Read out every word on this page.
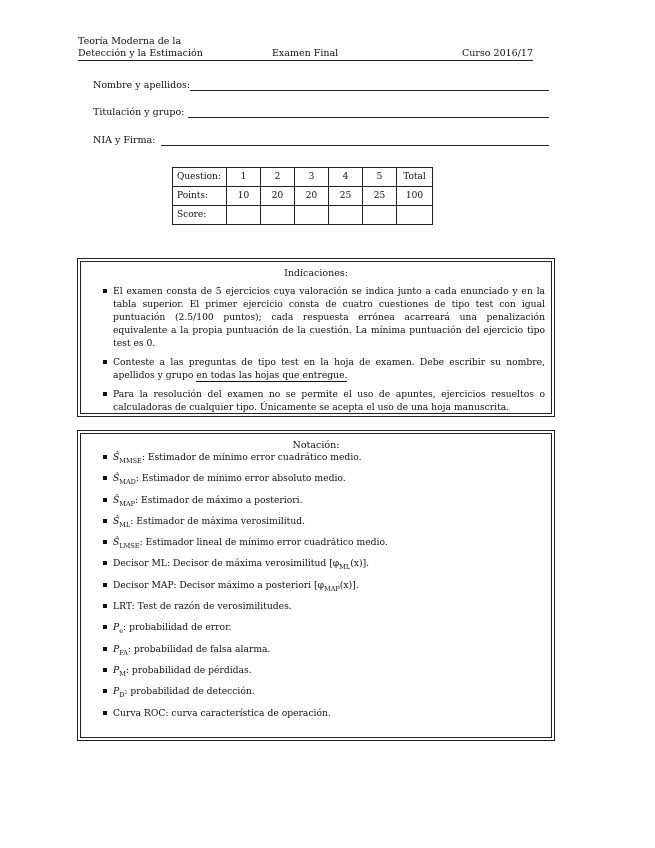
Teoría Moderna de la
Detección y la Estimación	Examen Final	Curso 2016/17
Nombre y apellidos:
Titulación y grupo:
NIA y Firma:
Question:	1	2	3	4	5	Total
Points:	10	20	20	25	25	100
Score:						
Indicaciones:
El examen consta de 5 ejercicios cuya valoración se indica junto a cada enunciado y en la tabla superior. El primer ejercicio consta de cuatro cuestiones de tipo test con igual puntuación (2.5/100 puntos); cada respuesta errónea acarreará una penalización equivalente a la propia puntuación de la cuestión. La mínima puntuación del ejercicio tipo test es 0.
Conteste a las preguntas de tipo test en la hoja de examen. Debe escribir su nombre, apellidos y grupo en todas las hojas que entregue.
Para la resolución del examen no se permite el uso de apuntes, ejercicios resueltos o calculadoras de cualquier tipo. Únicamente se acepta el uso de una hoja manuscrita.
Notación:
$Ŝ_{MMSE}$: Estimador de mínimo error cuadrático medio.
$Ŝ_{MAD}$: Estimador de mínimo error absoluto medio.
$Ŝ_{MAP}$: Estimador de máximo a posteriori.
$Ŝ_{ML}$: Estimador de máxima verosimilitud.
$Ŝ_{LMSE}$: Estimador lineal de mínimo error cuadrático medio.
Decisor ML: Decisor de máxima verosimilitud $[\varphi_{ML}(x)]$.
Decisor MAP: Decisor máximo a posteriori $[\varphi_{MAP}(x)]$.
LRT: Test de razón de verosimilitudes.
$P_e$: probabilidad de error.
$P_{FA}$: probabilidad de falsa alarma.
$P_M$: probabilidad de pérdidas.
$P_D$: probabilidad de detección.
Curva ROC: curva característica de operación.
